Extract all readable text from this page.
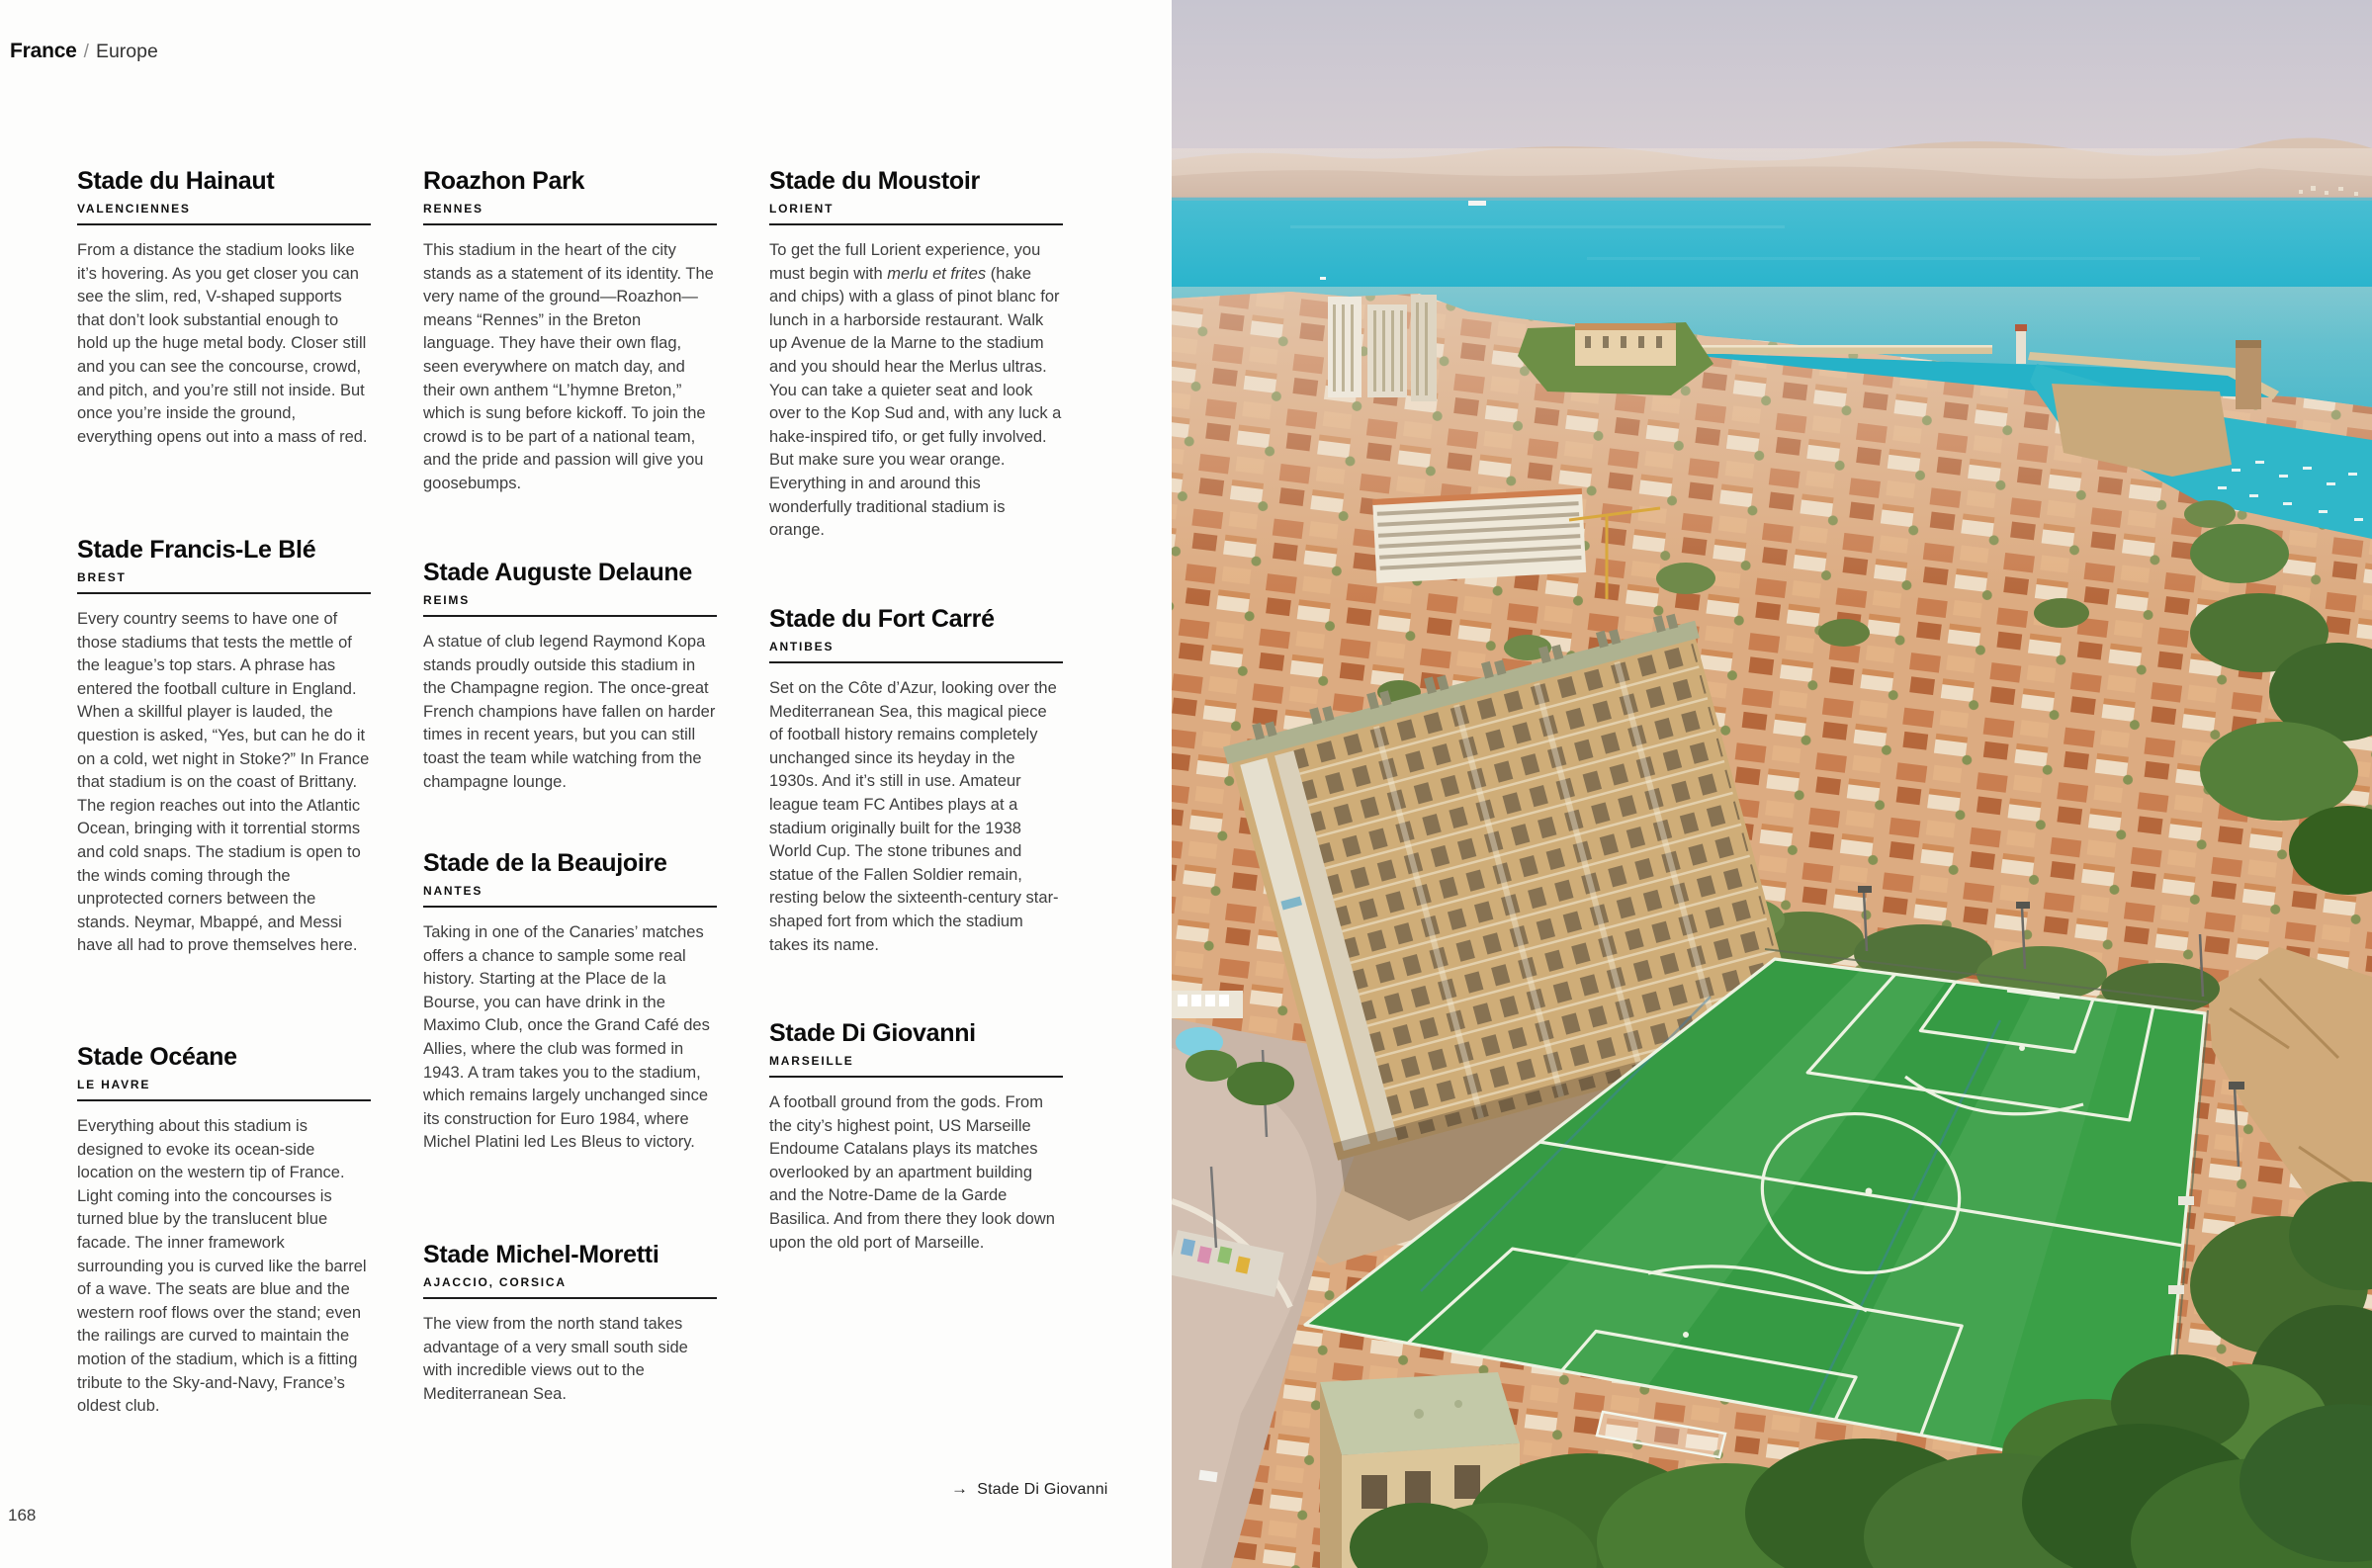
France / Europe
Stade du Hainaut
VALENCIENNES

From a distance the stadium looks like it’s hovering. As you get closer you can see the slim, red, V-shaped supports that don’t look substantial enough to hold up the huge metal body. Closer still and you can see the concourse, crowd, and pitch, and you’re still not inside. But once you’re inside the ground, everything opens out into a mass of red.

Stade Francis-Le Blé
BREST

Every country seems to have one of those stadiums that tests the mettle of the league’s top stars. A phrase has entered the football culture in England. When a skillful player is lauded, the question is asked, “Yes, but can he do it on a cold, wet night in Stoke?” In France that stadium is on the coast of Brittany. The region reaches out into the Atlantic Ocean, bringing with it torrential storms and cold snaps. The stadium is open to the winds coming through the unprotected corners between the stands. Neymar, Mbappé, and Messi have all had to prove themselves here.

Stade Océane
LE HAVRE

Everything about this stadium is designed to evoke its ocean-side location on the western tip of France. Light coming into the concourses is turned blue by the translucent blue facade. The inner framework surrounding you is curved like the barrel of a wave. The seats are blue and the western roof flows over the stand; even the railings are curved to maintain the motion of the stadium, which is a fitting tribute to the Sky-and-Navy, France’s oldest club.

Roazhon Park
RENNES

This stadium in the heart of the city stands as a statement of its identity. The very name of the ground—Roazhon—means “Rennes” in the Breton language. They have their own flag, seen everywhere on match day, and their own anthem “L’hymne Breton,” which is sung before kickoff. To join the crowd is to be part of a national team, and the pride and passion will give you goosebumps.

Stade Auguste Delaune
REIMS

A statue of club legend Raymond Kopa stands proudly outside this stadium in the Champagne region. The once-great French champions have fallen on harder times in recent years, but you can still toast the team while watching from the champagne lounge.

Stade de la Beaujoire
NANTES

Taking in one of the Canaries’ matches offers a chance to sample some real history. Starting at the Place de la Bourse, you can have drink in the Maximo Club, once the Grand Café des Allies, where the club was formed in 1943. A tram takes you to the stadium, which remains largely unchanged since its construction for Euro 1984, where Michel Platini led Les Bleus to victory.

Stade Michel-Moretti
AJACCIO, CORSICA

The view from the north stand takes advantage of a very small south side with incredible views out to the Mediterranean Sea.

Stade du Moustoir
LORIENT

To get the full Lorient experience, you must begin with merlu et frites (hake and chips) with a glass of pinot blanc for lunch in a harborside restaurant. Walk up Avenue de la Marne to the stadium and you should hear the Merlus ultras. You can take a quieter seat and look over to the Kop Sud and, with any luck a hake-inspired tifo, or get fully involved. But make sure you wear orange. Everything in and around this wonderfully traditional stadium is orange.

Stade du Fort Carré
ANTIBES

Set on the Côte d’Azur, looking over the Mediterranean Sea, this magical piece of football history remains completely unchanged since its heyday in the 1930s. And it’s still in use. Amateur league team FC Antibes plays at a stadium originally built for the 1938 World Cup. The stone tribunes and statue of the Fallen Soldier remain, resting below the sixteenth-century star-shaped fort from which the stadium takes its name.

Stade Di Giovanni
MARSEILLE

A football ground from the gods. From the city’s highest point, US Marseille Endoume Catalans plays its matches overlooked by an apartment building and the Notre-Dame de la Garde Basilica. And from there they look down upon the old port of Marseille.

→ Stade Di Giovanni
168
